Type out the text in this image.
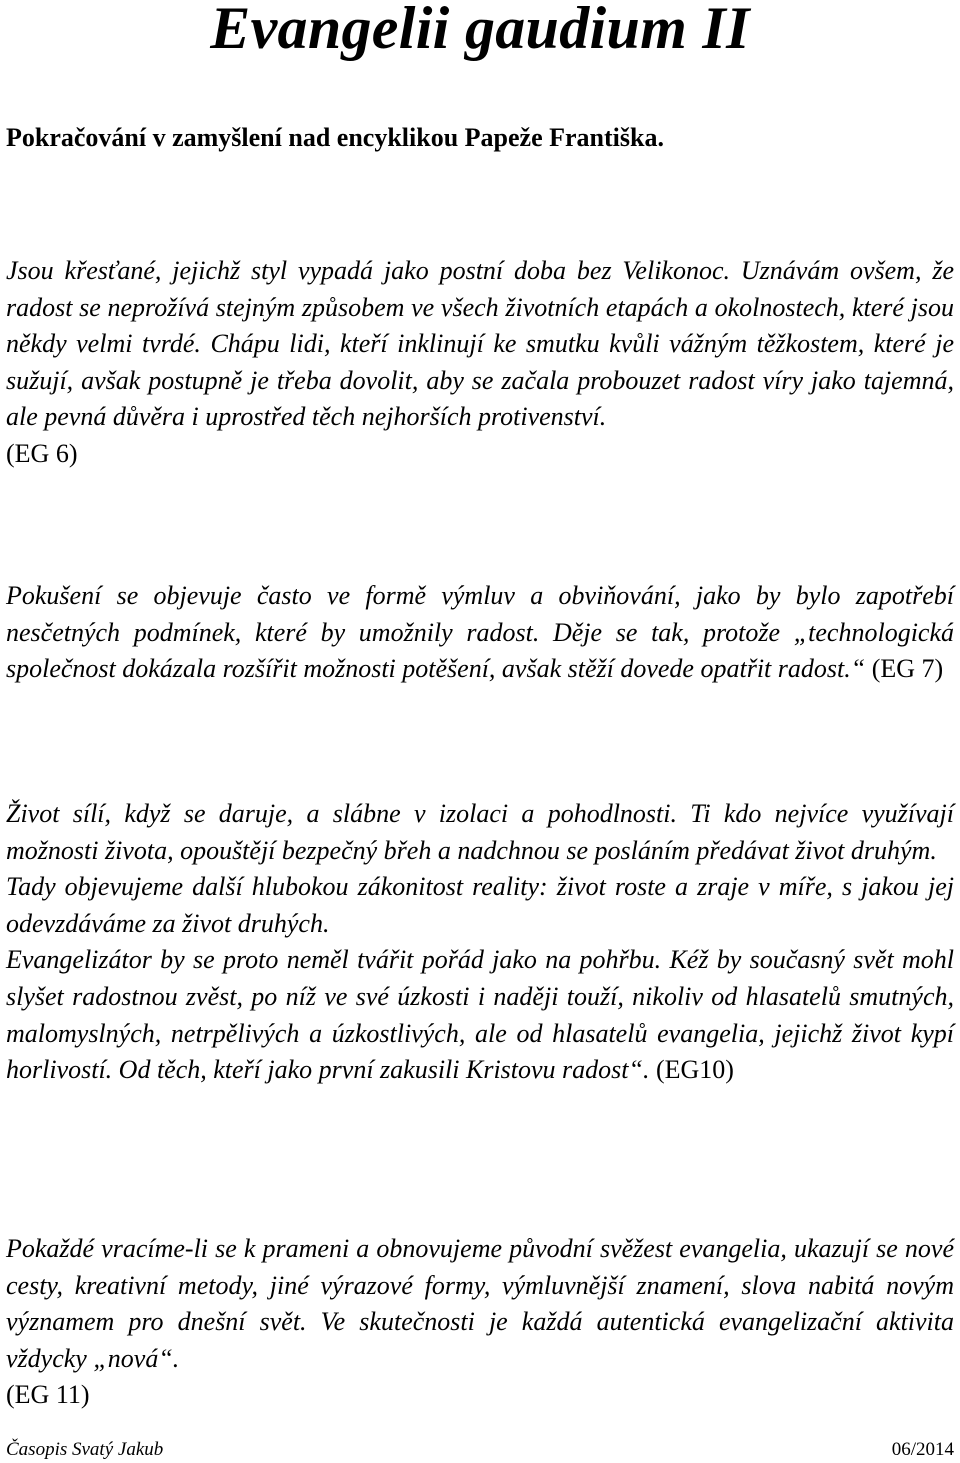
Evangelii gaudium II

Pokračování v zamyšlení nad encyklikou Papeže Františka.

Jsou křesťané, jejichž styl vypadá jako postní doba bez Velikonoc. Uznávám ovšem, že radost se neprožívá stejným způsobem ve všech životních etapách a okolnostech, které jsou někdy velmi tvrdé. Chápu lidi, kteří inklinují ke smutku kvůli vážným těžkostem, které je sužují, avšak postupně je třeba dovolit, aby se začala probouzet radost víry jako tajemná, ale pevná důvěra i uprostřed těch nejhorších protivenství.
(EG 6)

Pokušení se objevuje často ve formě výmluv a obviňování, jako by bylo zapotřebí nesčetných podmínek, které by umožnily radost. Děje se tak, protože „technologická společnost dokázala rozšířit možnosti potěšení, avšak stěží dovede opatřit radost.“ (EG 7)

Život sílí, když se daruje, a slábne v izolaci a pohodlnosti. Ti kdo nejvíce využívají možnosti života, opouštějí bezpečný břeh a nadchnou se posláním předávat život druhým.
Tady objevujeme další hlubokou zákonitost reality: život roste a zraje v míře, s jakou jej odevzdáváme za život druhých.
Evangelizátor by se proto neměl tvářit pořád jako na pohřbu. Kéž by současný svět mohl slyšet radostnou zvěst, po níž ve své úzkosti i naději touží, nikoliv od hlasatelů smutných, malomyslných, netrpělivých a úzkostlivých, ale od hlasatelů evangelia, jejichž život kypí horlivostí. Od těch, kteří jako první zakusili Kristovu radost“. (EG10)

Pokaždé vracíme-li se k prameni a obnovujeme původní svěžest evangelia, ukazují se nové cesty, kreativní metody, jiné výrazové formy, výmluvnější znamení, slova nabitá novým významem pro dnešní svět. Ve skutečnosti je každá autentická evangelizační aktivita vždycky „nová“.
(EG 11)

Časopis Svatý Jakub	06/2014
